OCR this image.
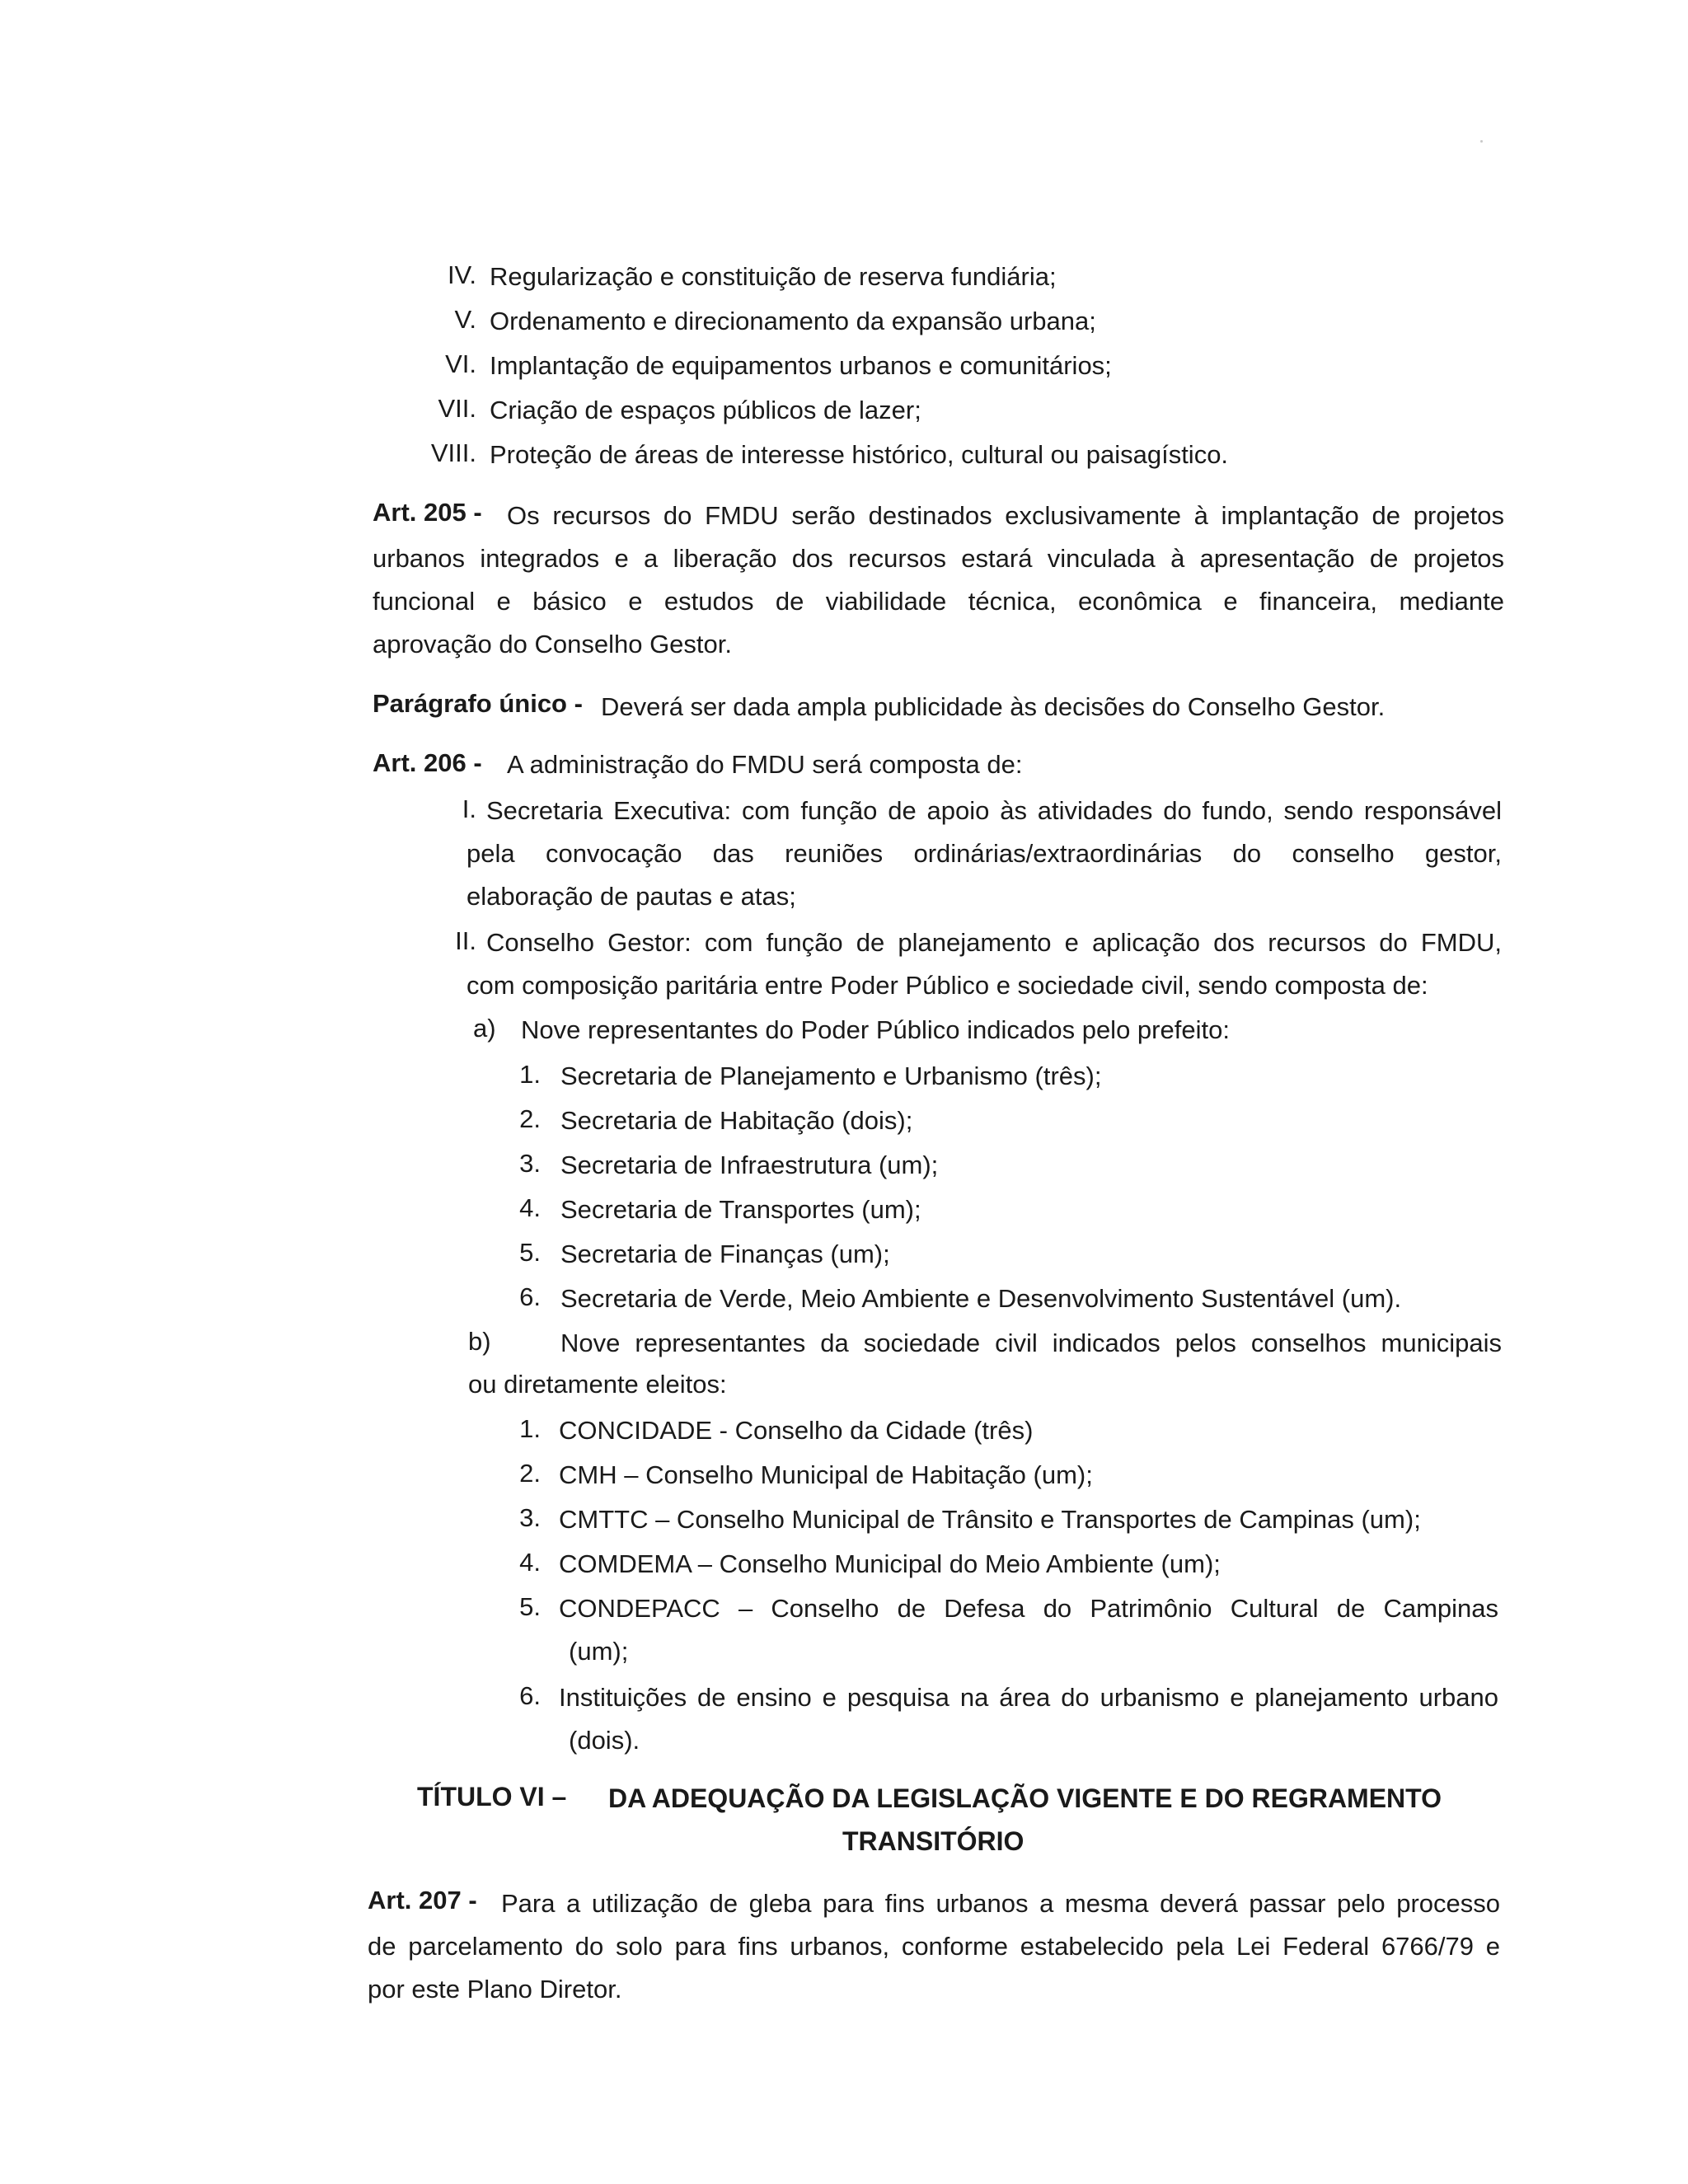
IV. Regularização e constituição de reserva fundiária;
V. Ordenamento e direcionamento da expansão urbana;
VI. Implantação de equipamentos urbanos e comunitários;
VII. Criação de espaços públicos de lazer;
VIII. Proteção de áreas de interesse histórico, cultural ou paisagístico.
Art. 205 - Os recursos do FMDU serão destinados exclusivamente à implantação de projetos
urbanos integrados e a liberação dos recursos estará vinculada à apresentação de projetos
funcional e básico e estudos de viabilidade técnica, econômica e financeira, mediante
aprovação do Conselho Gestor.
Parágrafo único - Deverá ser dada ampla publicidade às decisões do Conselho Gestor.
Art. 206 - A administração do FMDU será composta de:
I. Secretaria Executiva: com função de apoio às atividades do fundo, sendo responsável
pela convocação das reuniões ordinárias/extraordinárias do conselho gestor,
elaboração de pautas e atas;
II. Conselho Gestor: com função de planejamento e aplicação dos recursos do FMDU,
com composição paritária entre Poder Público e sociedade civil, sendo composta de:
a) Nove representantes do Poder Público indicados pelo prefeito:
1. Secretaria de Planejamento e Urbanismo (três);
2. Secretaria de Habitação (dois);
3. Secretaria de Infraestrutura (um);
4. Secretaria de Transportes (um);
5. Secretaria de Finanças (um);
6. Secretaria de Verde, Meio Ambiente e Desenvolvimento Sustentável (um).
b)	Nove representantes da sociedade civil indicados pelos conselhos municipais
ou diretamente eleitos:
1. CONCIDADE - Conselho da Cidade (três)
2. CMH – Conselho Municipal de Habitação (um);
3. CMTTC – Conselho Municipal de Trânsito e Transportes de Campinas (um);
4. COMDEMA – Conselho Municipal do Meio Ambiente (um);
5. CONDEPACC – Conselho de Defesa do Patrimônio Cultural de Campinas
(um);
6. Instituições de ensino e pesquisa na área do urbanismo e planejamento urbano
(dois).
TÍTULO VI – DA ADEQUAÇÃO DA LEGISLAÇÃO VIGENTE E DO REGRAMENTO
TRANSITÓRIO
Art. 207 - Para a utilização de gleba para fins urbanos a mesma deverá passar pelo processo
de parcelamento do solo para fins urbanos, conforme estabelecido pela Lei Federal 6766/79 e
por este Plano Diretor.
